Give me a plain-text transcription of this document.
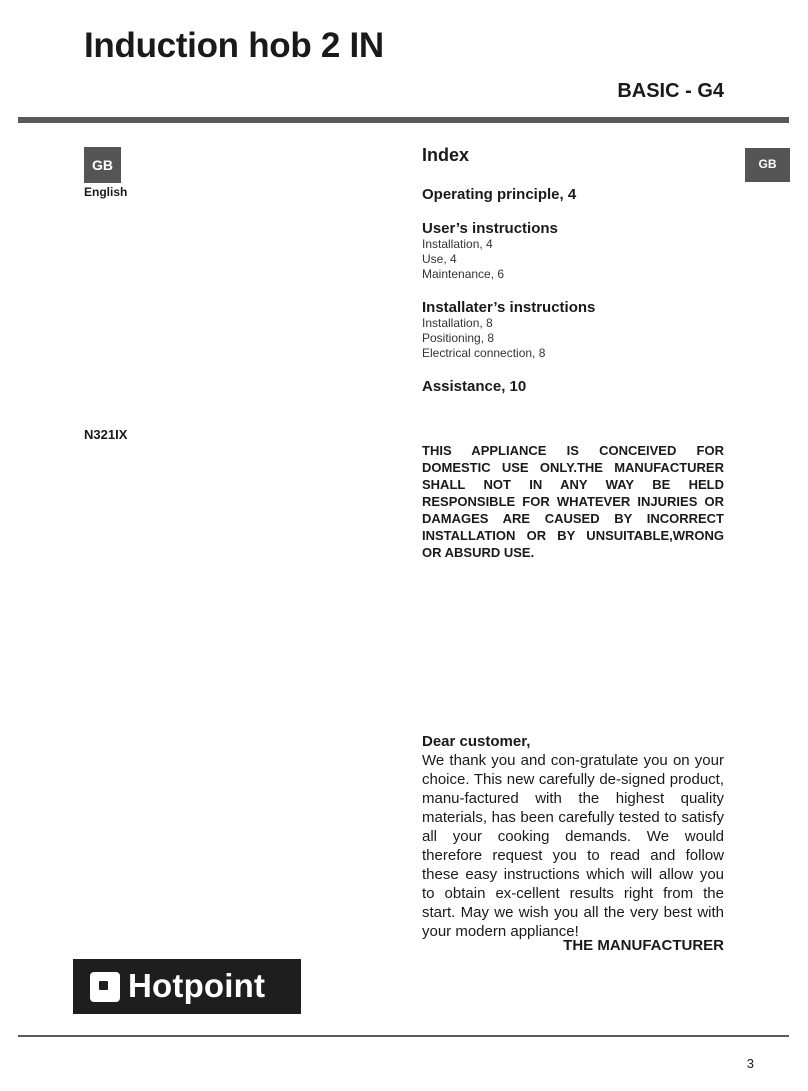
Induction hob 2 IN
BASIC - G4
GB
English
GB
N321IX

Index

Operating principle, 4

User’s instructions

Installation, 4

Use, 4

Maintenance, 6

Installater’s instructions

Installation, 8

Positioning, 8

Electrical connection, 8

Assistance, 10

THIS APPLIANCE IS CONCEIVED FOR DOMESTIC USE ONLY.THE MANUFACTURER SHALL NOT IN ANY WAY BE HELD RESPONSIBLE FOR WHATEVER INJURIES OR DAMAGES ARE CAUSED BY INCORRECT INSTALLATION OR BY UNSUITABLE,WRONG OR ABSURD USE.

Dear customer,

We thank you and con-gratulate you on your choice. This new carefully de-signed product, manu-factured with the highest quality materials, has been carefully tested to satisfy all your cooking demands. We would therefore request you to read and follow these easy instructions which will allow you to obtain ex-cellent results right from the start. May we wish you all the very best with your modern appliance!

THE MANUFACTURER
Hotpoint
3
